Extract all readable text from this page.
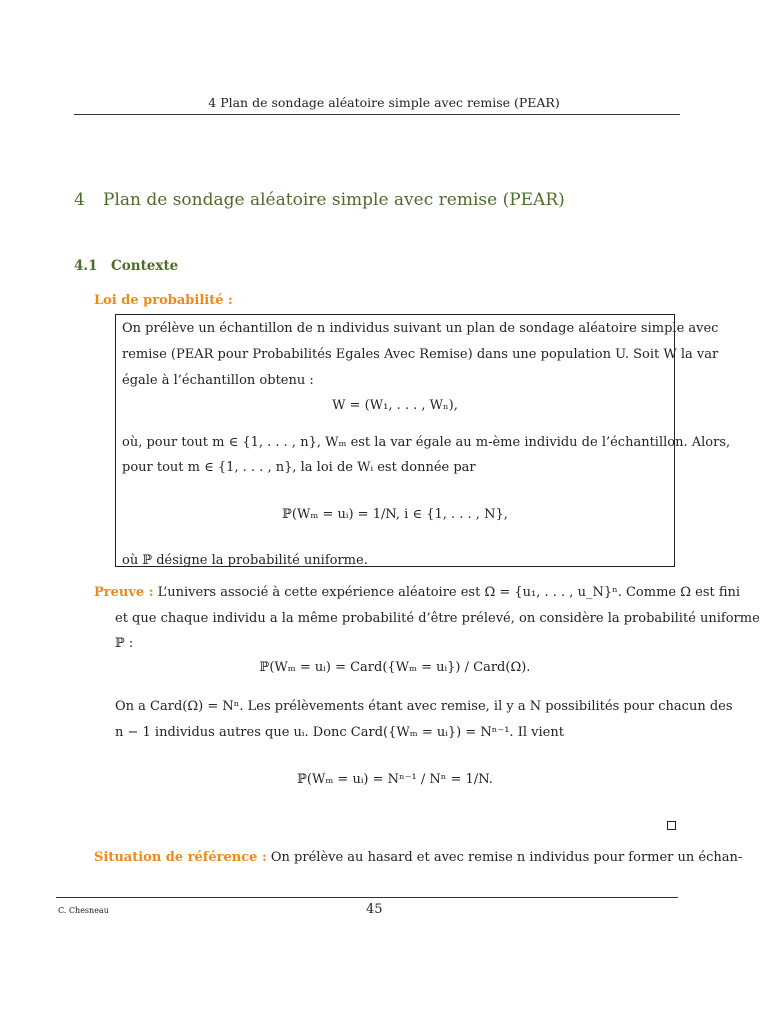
4 Plan de sondage aléatoire simple avec remise (PEAR)
4 Plan de sondage aléatoire simple avec remise (PEAR)
4.1 Contexte
Loi de probabilité :
On prélève un échantillon de n individus suivant un plan de sondage aléatoire simple avec
remise (PEAR pour Probabilités Egales Avec Remise) dans une population U. Soit W la var
égale à l’échantillon obtenu :
W = (W₁, . . . , Wₙ),
où, pour tout m ∈ {1, . . . , n}, Wₘ est la var égale au m-ème individu de l’échantillon. Alors,
pour tout m ∈ {1, . . . , n}, la loi de Wᵢ est donnée par
ℙ(Wₘ = uᵢ) = 1/N, i ∈ {1, . . . , N},
où ℙ désigne la probabilité uniforme.
Preuve : L’univers associé à cette expérience aléatoire est Ω = {u₁, . . . , u_N}ⁿ. Comme Ω est fini
et que chaque individu a la même probabilité d’être prélevé, on considère la probabilité uniforme
ℙ :
ℙ(Wₘ = uᵢ) = Card({Wₘ = uᵢ}) / Card(Ω).
On a Card(Ω) = Nⁿ. Les prélèvements étant avec remise, il y a N possibilités pour chacun des
n − 1 individus autres que uᵢ. Donc Card({Wₘ = uᵢ}) = Nⁿ⁻¹. Il vient
ℙ(Wₘ = uᵢ) = Nⁿ⁻¹ / Nⁿ = 1/N.
Situation de référence : On prélève au hasard et avec remise n individus pour former un échan-
C. Chesneau	45
